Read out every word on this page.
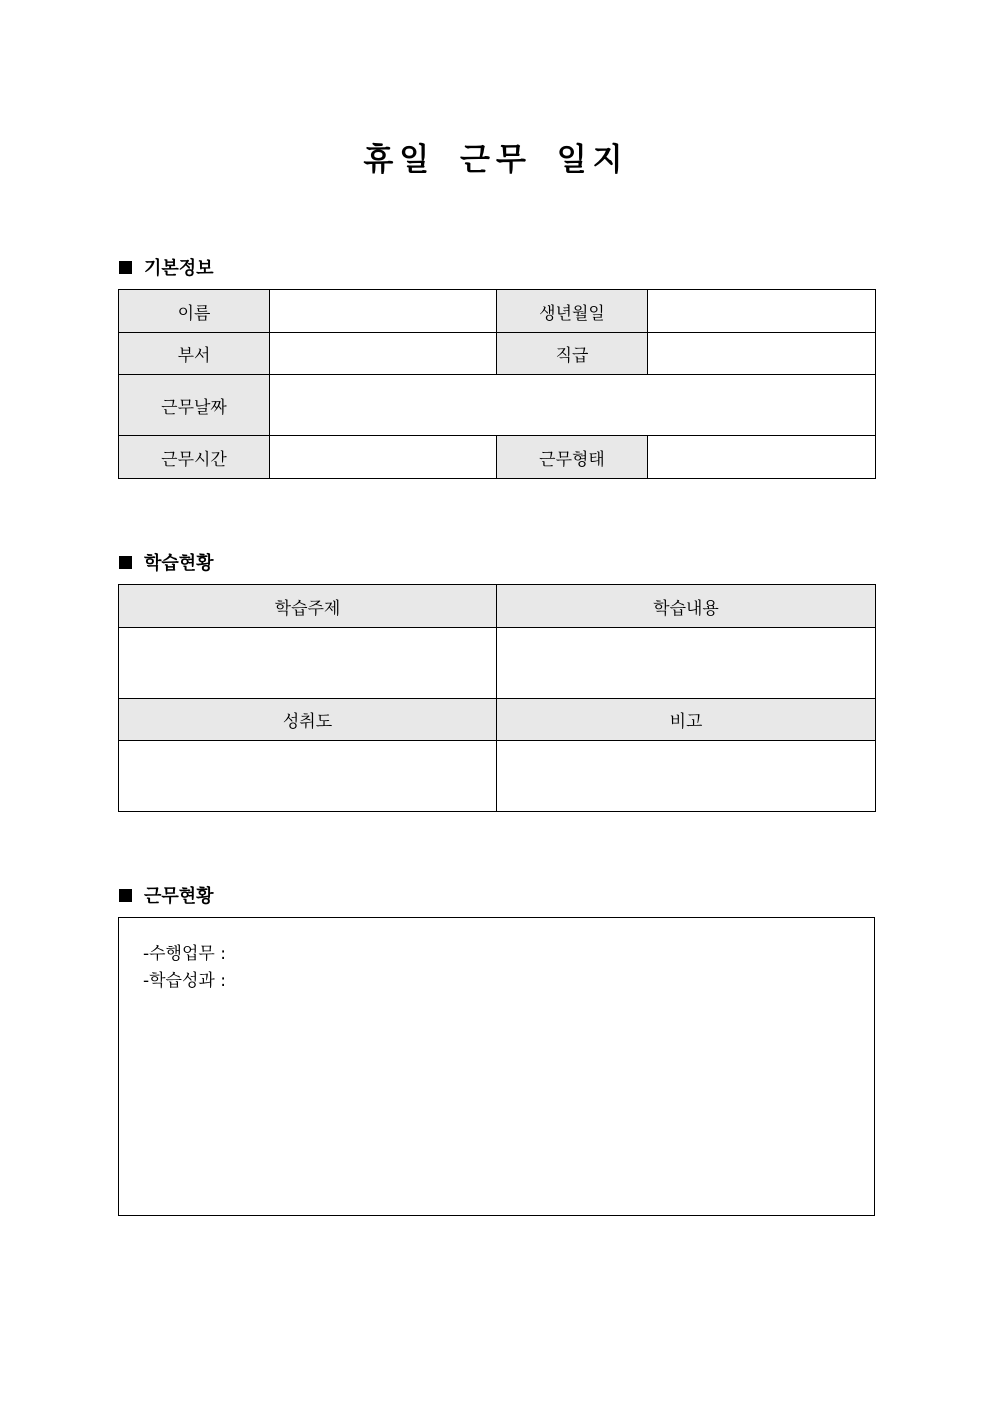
휴일 근무 일지
기본정보
이름		생년월일	
부서		직급	
근무날짜			
근무시간		근무형태	
학습현황
학습주제	학습내용

성취도	비고

근무현황
-수행업무 :
-학습성과 :
